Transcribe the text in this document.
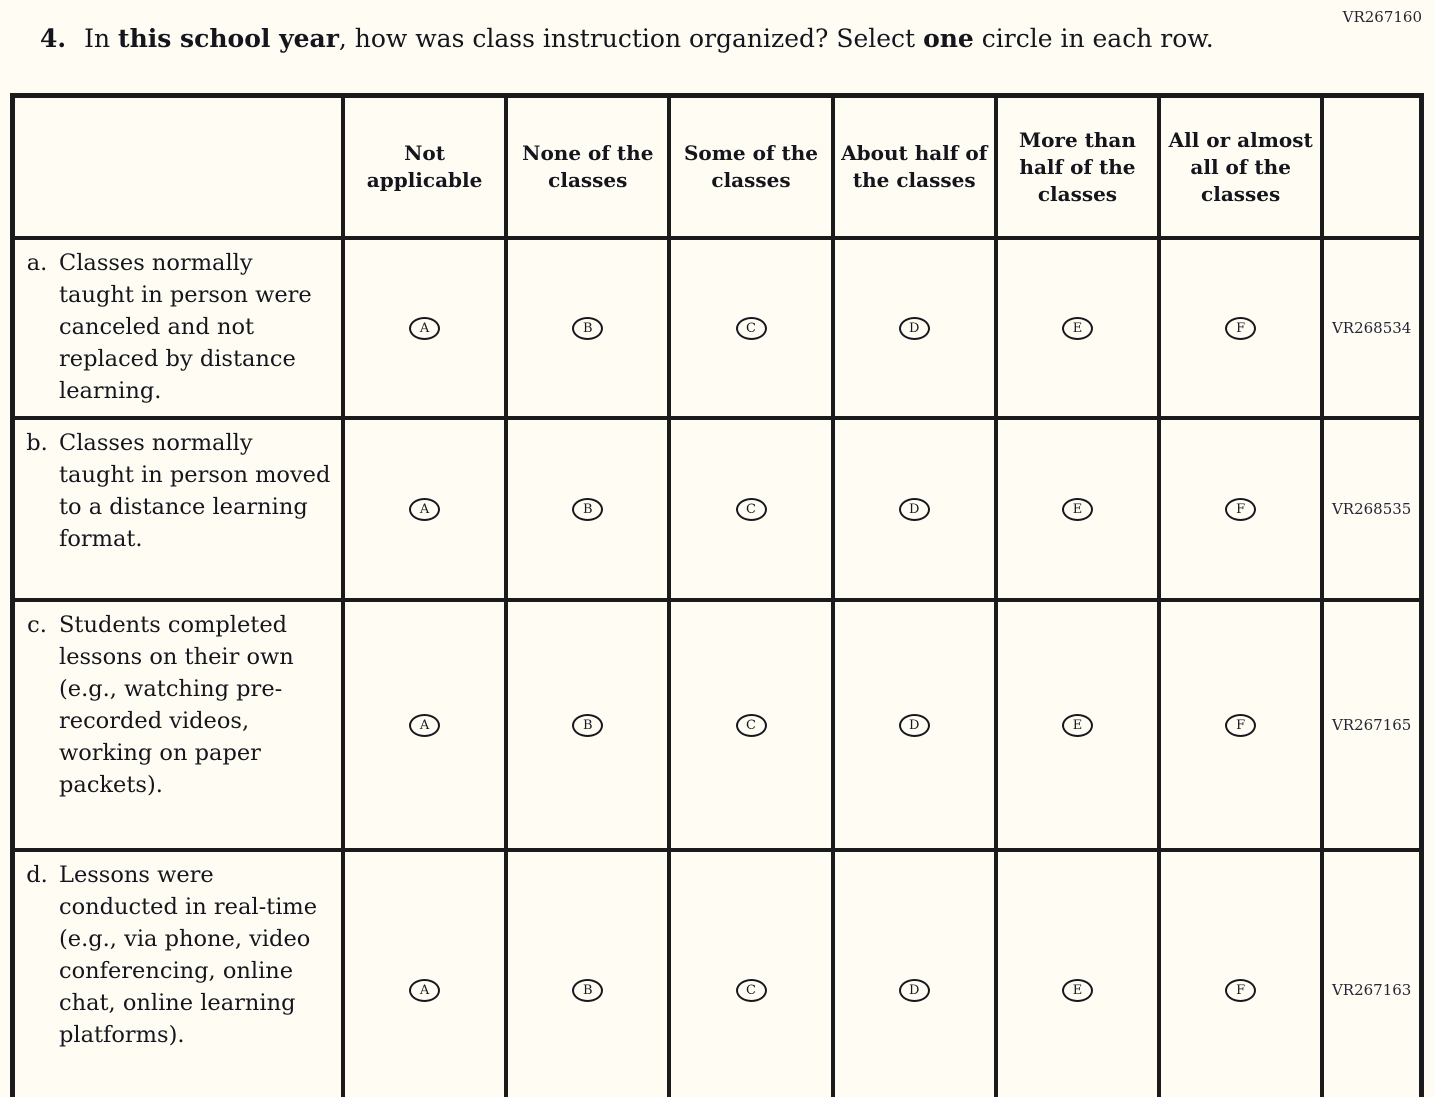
VR267160
4. In this school year, how was class instruction organized? Select one circle in each row.
	Not applicable	None of the classes	Some of the classes	About half of the classes	More than half of the classes	All or almost all of the classes	

a. Classes normally taught in person were canceled and not replaced by distance learning.	A	B	C	D	E	F	VR268534

b. Classes normally taught in person moved to a distance learning format.	A	B	C	D	E	F	VR268535

c. Students completed lessons on their own (e.g., watching pre-recorded videos, working on paper packets).	A	B	C	D	E	F	VR267165

d. Lessons were conducted in real-time (e.g., via phone, video conferencing, online chat, online learning platforms).	A	B	C	D	E	F	VR267163
